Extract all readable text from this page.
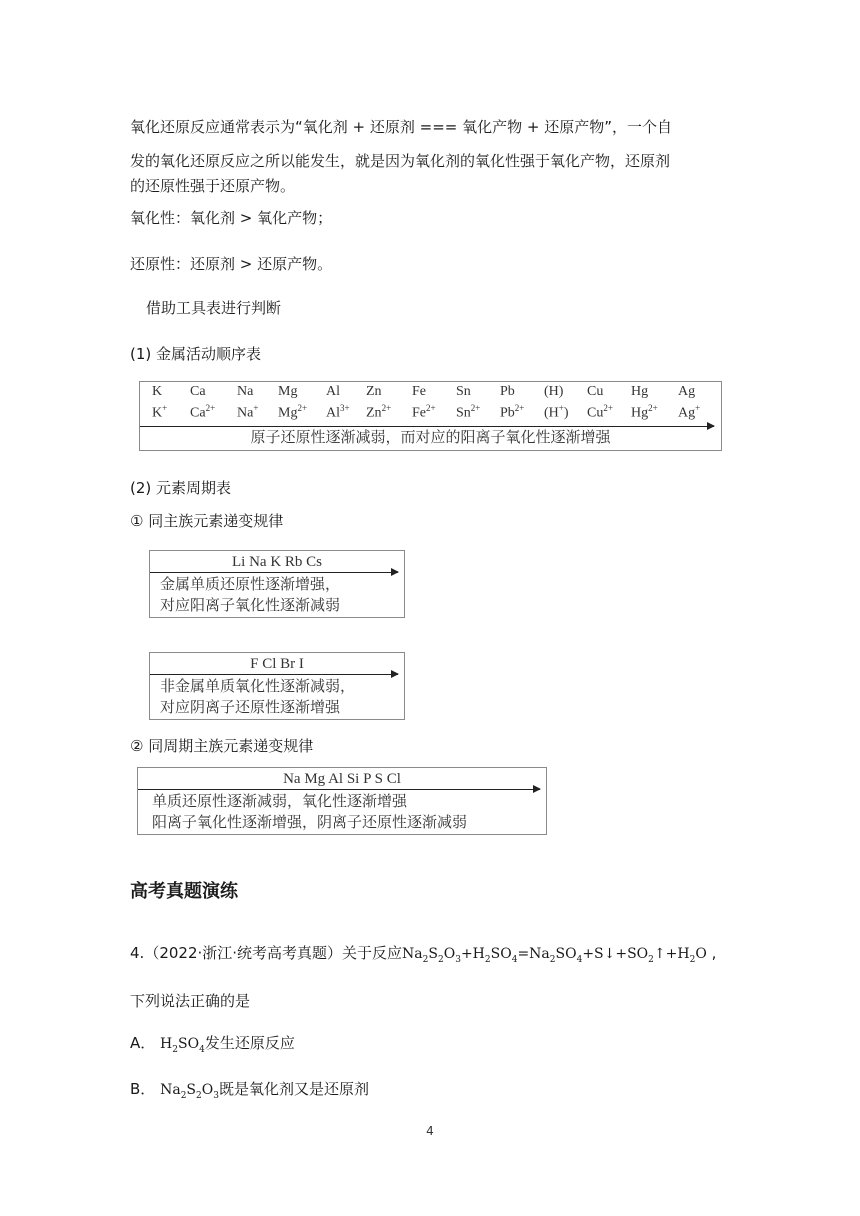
氧化还原反应通常表示为“氧化剂 + 还原剂 === 氧化产物 + 还原产物”，一个自
发的氧化还原反应之所以能发生，就是因为氧化剂的氧化性强于氧化产物，还原剂
的还原性强于还原产物。
氧化性：氧化剂 > 氧化产物；
还原性：还原剂 > 还原产物。
借助工具表进行判断
(1) 金属活动顺序表
K Ca Na Mg Al Zn Fe Sn Pb (H) Cu Hg Ag
K+ $Ca^{2+}$ Na+ $Mg^{2+}$ $Al^{3+}$ $Zn^{2+}$ $Fe^{2+}$ $Sn^{2+}$ $Pb^{2+}$ (H+) $Cu^{2+}$ $Hg^{2+}$ Ag+
原子还原性逐渐减弱，而对应的阳离子氧化性逐渐增强
(2) 元素周期表
① 同主族元素递变规律
Li Na K Rb Cs
金属单质还原性逐渐增强，
对应阳离子氧化性逐渐减弱
F Cl Br I
非金属单质氧化性逐渐减弱，
对应阴离子还原性逐渐增强
② 同周期主族元素递变规律
Na Mg Al Si P S Cl
单质还原性逐渐减弱，氧化性逐渐增强
阳离子氧化性逐渐增强，阴离子还原性逐渐减弱
高考真题演练
4.（2022·浙江·统考高考真题）关于反应$Na_2S_2O_3+H_2SO_4=Na_2SO_4+S↓+SO_2↑+H_2O$ ,
下列说法正确的是
A． $H_2SO_4$发生还原反应
B． $Na_2S_2O_3$既是氧化剂又是还原剂
4
